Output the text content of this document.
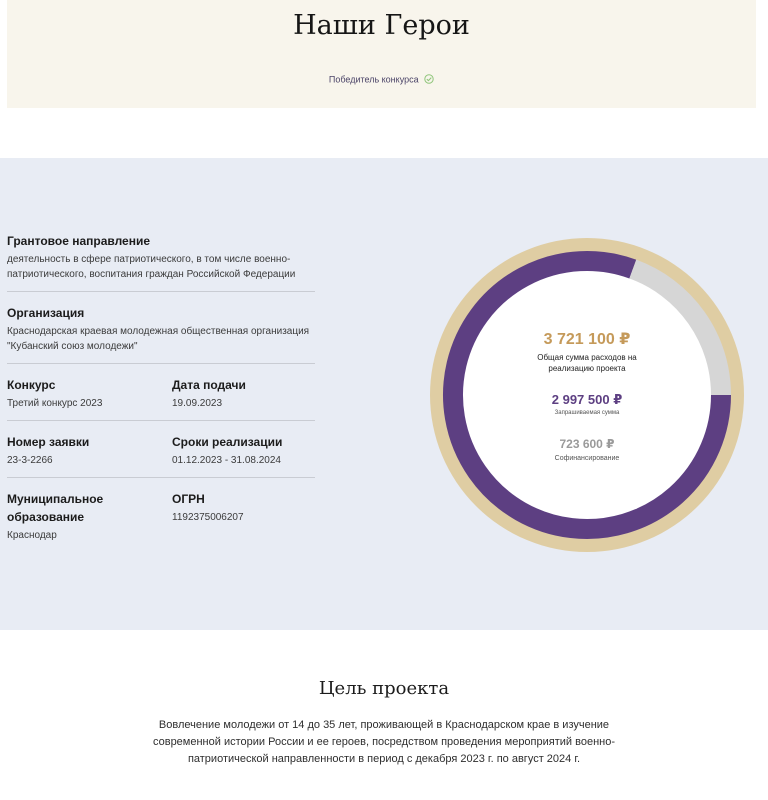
Наши Герои
Победитель конкурса
Грантовое направление
деятельность в сфере патриотического, в том числе военно-патриотического, воспитания граждан Российской Федерации
Организация
Краснодарская краевая молодежная общественная организация "Кубанский союз молодежи"
Конкурс
Третий конкурс 2023
Дата подачи
19.09.2023
Номер заявки
23-3-2266
Сроки реализации
01.12.2023 - 31.08.2024
Муниципальное образование
Краснодар
ОГРН
1192375006207
3 721 100 ₽
Общая сумма расходов на реализацию проекта
2 997 500 ₽
Запрашиваемая сумма
723 600 ₽
Софинансирование
Цель проекта
Вовлечение молодежи от 14 до 35 лет, проживающей в Краснодарском крае в изучение современной истории России и ее героев, посредством проведения мероприятий военно-патриотической направленности в период с декабря 2023 г. по август 2024 г.
